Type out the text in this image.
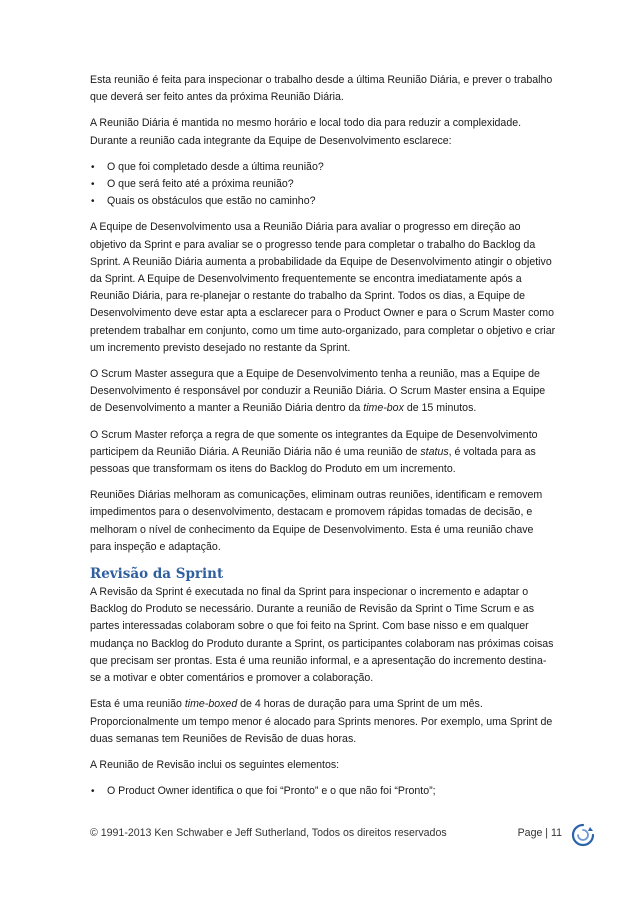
Esta reunião é feita para inspecionar o trabalho desde a última Reunião Diária, e prever o trabalho que deverá ser feito antes da próxima Reunião Diária.

A Reunião Diária é mantida no mesmo horário e local todo dia para reduzir a complexidade. Durante a reunião cada integrante da Equipe de Desenvolvimento esclarece:

• O que foi completado desde a última reunião?
• O que será feito até a próxima reunião?
• Quais os obstáculos que estão no caminho?

A Equipe de Desenvolvimento usa a Reunião Diária para avaliar o progresso em direção ao objetivo da Sprint e para avaliar se o progresso tende para completar o trabalho do Backlog da Sprint. A Reunião Diária aumenta a probabilidade da Equipe de Desenvolvimento atingir o objetivo da Sprint. A Equipe de Desenvolvimento frequentemente se encontra imediatamente após a Reunião Diária, para re-planejar o restante do trabalho da Sprint. Todos os dias, a Equipe de Desenvolvimento deve estar apta a esclarecer para o Product Owner e para o Scrum Master como pretendem trabalhar em conjunto, como um time auto-organizado, para completar o objetivo e criar um incremento previsto desejado no restante da Sprint.

O Scrum Master assegura que a Equipe de Desenvolvimento tenha a reunião, mas a Equipe de Desenvolvimento é responsável por conduzir a Reunião Diária. O Scrum Master ensina a Equipe de Desenvolvimento a manter a Reunião Diária dentro da time-box de 15 minutos.

O Scrum Master reforça a regra de que somente os integrantes da Equipe de Desenvolvimento participem da Reunião Diária. A Reunião Diária não é uma reunião de status, é voltada para as pessoas que transformam os itens do Backlog do Produto em um incremento.

Reuniões Diárias melhoram as comunicações, eliminam outras reuniões, identificam e removem impedimentos para o desenvolvimento, destacam e promovem rápidas tomadas de decisão, e melhoram o nível de conhecimento da Equipe de Desenvolvimento. Esta é uma reunião chave para inspeção e adaptação.

Revisão da Sprint

A Revisão da Sprint é executada no final da Sprint para inspecionar o incremento e adaptar o Backlog do Produto se necessário. Durante a reunião de Revisão da Sprint o Time Scrum e as partes interessadas colaboram sobre o que foi feito na Sprint. Com base nisso e em qualquer mudança no Backlog do Produto durante a Sprint, os participantes colaboram nas próximas coisas que precisam ser prontas. Esta é uma reunião informal, e a apresentação do incremento destina-se a motivar e obter comentários e promover a colaboração.

Esta é uma reunião time-boxed de 4 horas de duração para uma Sprint de um mês. Proporcionalmente um tempo menor é alocado para Sprints menores. Por exemplo, uma Sprint de duas semanas tem Reuniões de Revisão de duas horas.

A Reunião de Revisão inclui os seguintes elementos:

• O Product Owner identifica o que foi “Pronto” e o que não foi “Pronto”;
© 1991-2013 Ken Schwaber e Jeff Sutherland, Todos os direitos reservados	Page | 11
